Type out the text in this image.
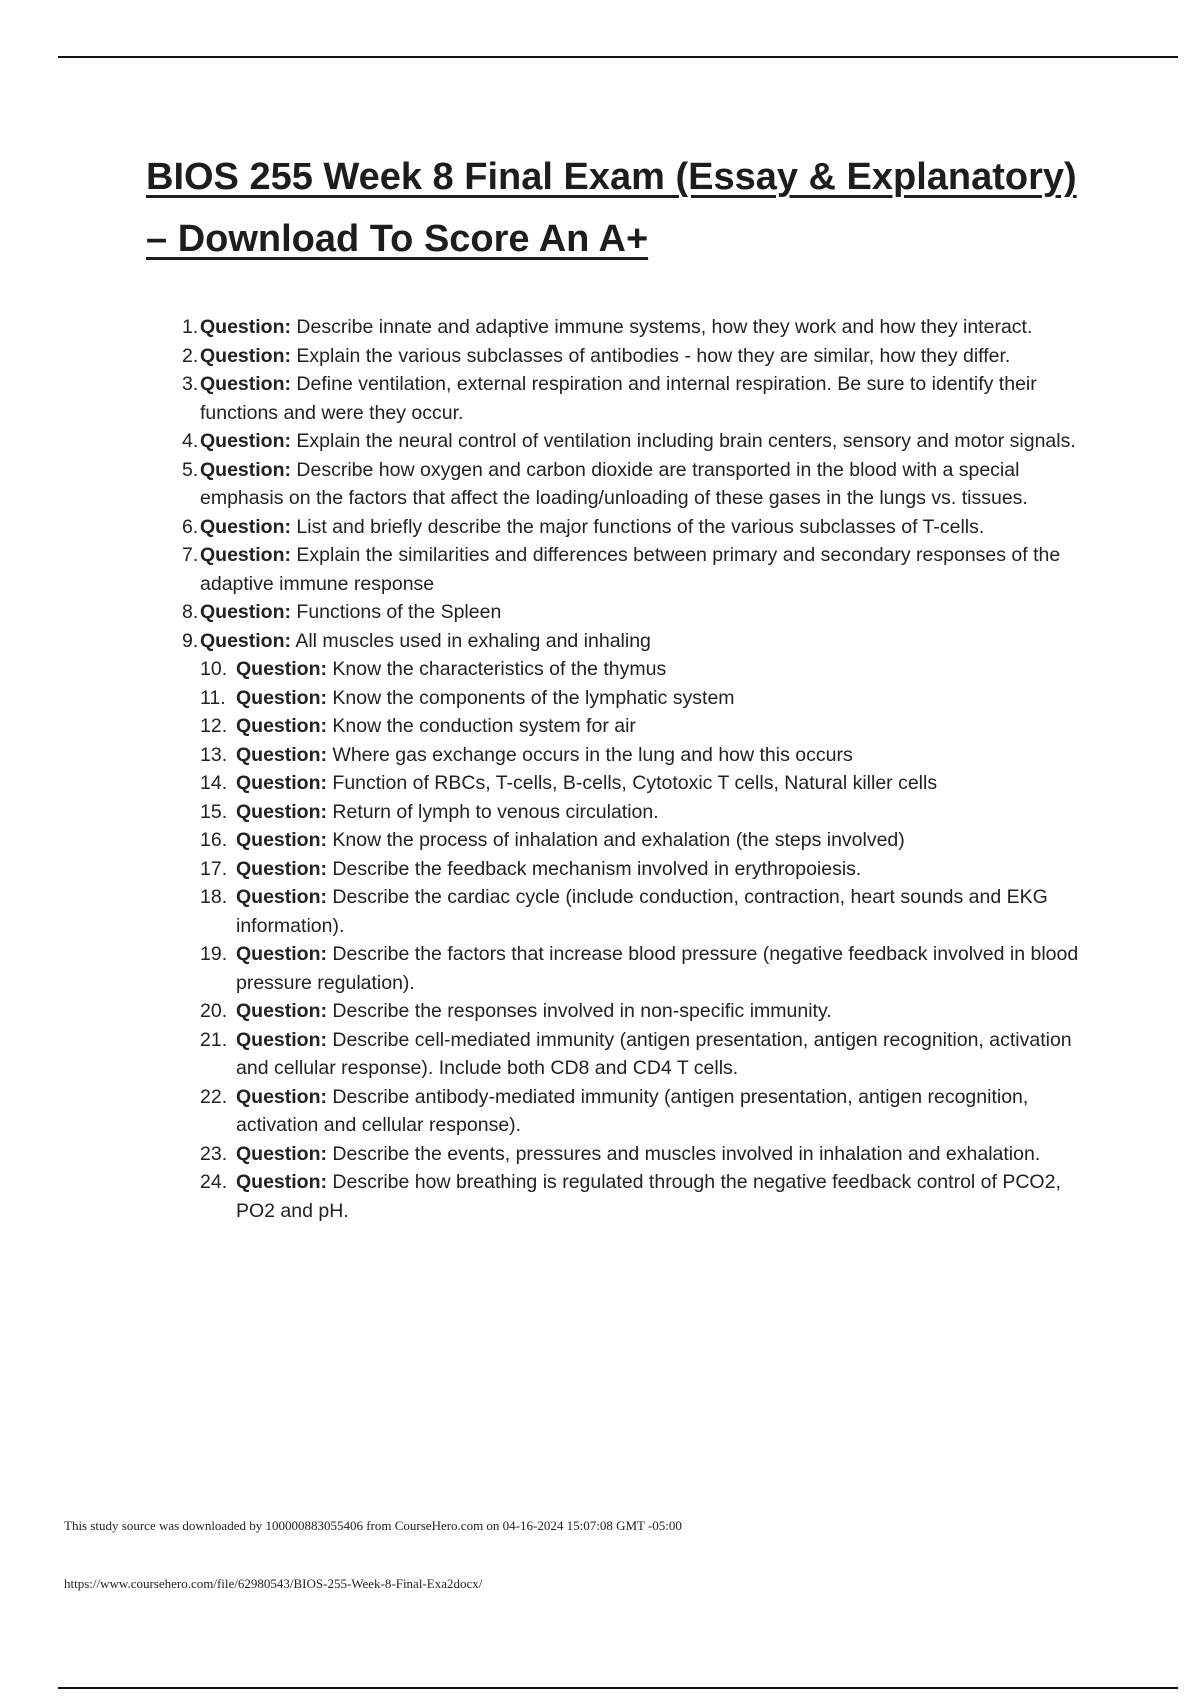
BIOS 255 Week 8 Final Exam (Essay & Explanatory) – Download To Score An A+
1. Question: Describe innate and adaptive immune systems, how they work and how they interact.
2. Question: Explain the various subclasses of antibodies - how they are similar, how they differ.
3. Question: Define ventilation, external respiration and internal respiration. Be sure to identify their functions and were they occur.
4. Question: Explain the neural control of ventilation including brain centers, sensory and motor signals.
5. Question: Describe how oxygen and carbon dioxide are transported in the blood with a special emphasis on the factors that affect the loading/unloading of these gases in the lungs vs. tissues.
6. Question: List and briefly describe the major functions of the various subclasses of T-cells.
7. Question: Explain the similarities and differences between primary and secondary responses of the adaptive immune response
8. Question: Functions of the Spleen
9. Question: All muscles used in exhaling and inhaling
10. Question: Know the characteristics of the thymus
11. Question: Know the components of the lymphatic system
12. Question: Know the conduction system for air
13. Question: Where gas exchange occurs in the lung and how this occurs
14. Question: Function of RBCs, T-cells, B-cells, Cytotoxic T cells, Natural killer cells
15. Question: Return of lymph to venous circulation.
16. Question: Know the process of inhalation and exhalation (the steps involved)
17. Question: Describe the feedback mechanism involved in erythropoiesis.
18. Question: Describe the cardiac cycle (include conduction, contraction, heart sounds and EKG information).
19. Question: Describe the factors that increase blood pressure (negative feedback involved in blood pressure regulation).
20. Question: Describe the responses involved in non-specific immunity.
21. Question: Describe cell-mediated immunity (antigen presentation, antigen recognition, activation and cellular response). Include both CD8 and CD4 T cells.
22. Question: Describe antibody-mediated immunity (antigen presentation, antigen recognition, activation and cellular response).
23. Question: Describe the events, pressures and muscles involved in inhalation and exhalation.
24. Question: Describe how breathing is regulated through the negative feedback control of PCO2, PO2 and pH.
This study source was downloaded by 100000883055406 from CourseHero.com on 04-16-2024 15:07:08 GMT -05:00
https://www.coursehero.com/file/62980543/BIOS-255-Week-8-Final-Exa2docx/
